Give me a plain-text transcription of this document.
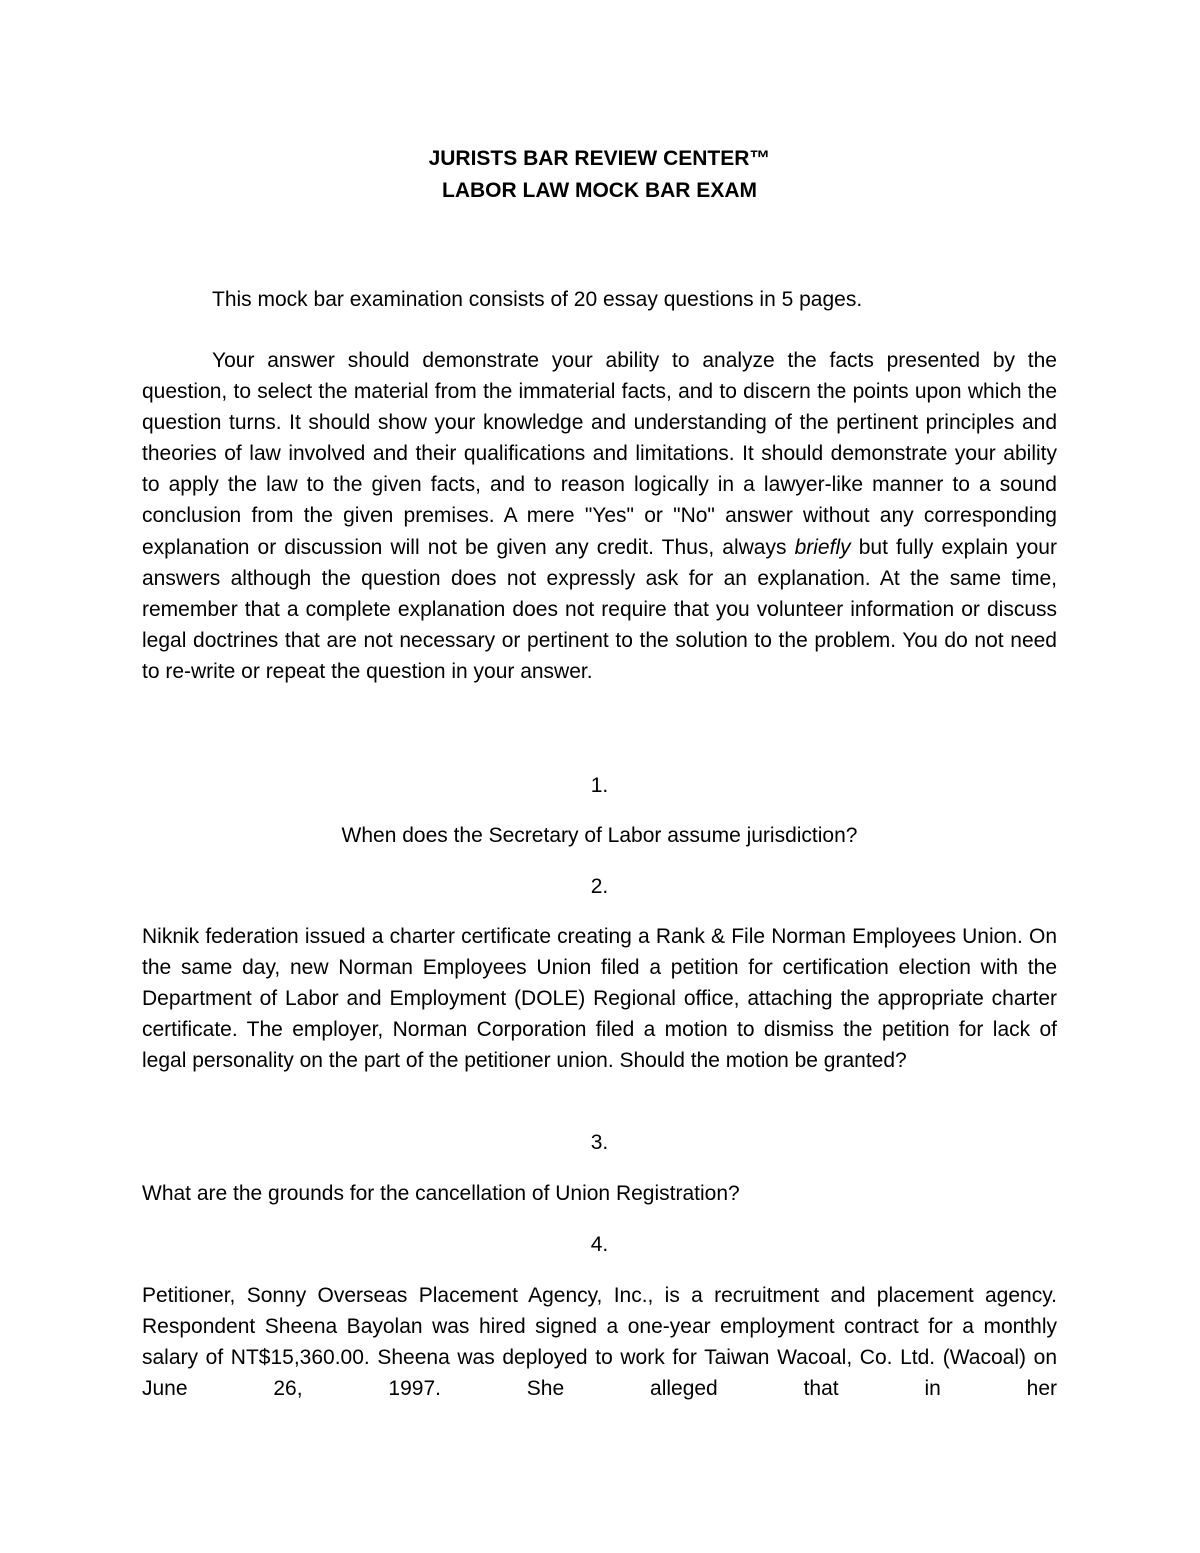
JURISTS BAR REVIEW CENTER™
LABOR LAW MOCK BAR EXAM

This mock bar examination consists of 20 essay questions in 5 pages.

Your answer should demonstrate your ability to analyze the facts presented by the question, to select the material from the immaterial facts, and to discern the points upon which the question turns. It should show your knowledge and understanding of the pertinent principles and theories of law involved and their qualifications and limitations. It should demonstrate your ability to apply the law to the given facts, and to reason logically in a lawyer-like manner to a sound conclusion from the given premises. A mere "Yes" or "No" answer without any corresponding explanation or discussion will not be given any credit. Thus, always briefly but fully explain your answers although the question does not expressly ask for an explanation. At the same time, remember that a complete explanation does not require that you volunteer information or discuss legal doctrines that are not necessary or pertinent to the solution to the problem. You do not need to re-write or repeat the question in your answer.

1.

When does the Secretary of Labor assume jurisdiction?

2.

Niknik federation issued a charter certificate creating a Rank & File Norman Employees Union. On the same day, new Norman Employees Union filed a petition for certification election with the Department of Labor and Employment (DOLE) Regional office, attaching the appropriate charter certificate. The employer, Norman Corporation filed a motion to dismiss the petition for lack of legal personality on the part of the petitioner union. Should the motion be granted?

3.

What are the grounds for the cancellation of Union Registration?

4.

Petitioner, Sonny Overseas Placement Agency, Inc., is a recruitment and placement agency. Respondent Sheena Bayolan was hired signed a one-year employment contract for a monthly salary of NT$15,360.00. Sheena was deployed to work for Taiwan Wacoal, Co. Ltd. (Wacoal) on June 26, 1997. She alleged that in her
